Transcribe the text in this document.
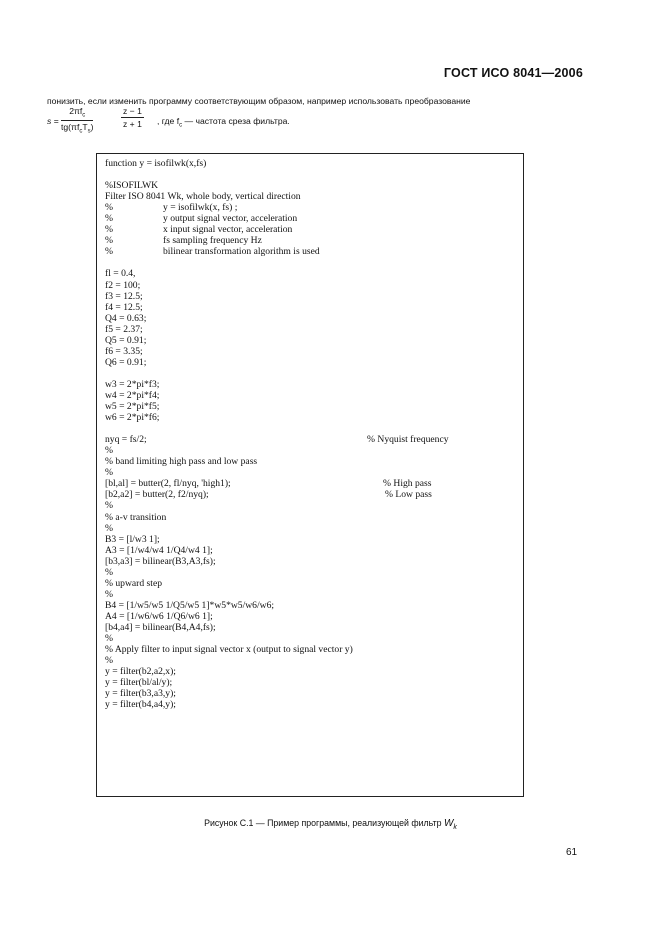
ГОСТ ИСО 8041—2006
понизить, если изменить программу соответствующим образом, например использовать преобразование
s =
$2\pi f_c$
$tg(\pi f_cT_s)$	$\frac{z - 1}{z + 1}$ , где $f_c$ — частота среза фильтра.
function y = isofilwk(x,fs)
%ISOFILWK
Filter ISO 8041 Wk, whole body, vertical direction
%	y = isofilwk(x, fs) ;
%	y output signal vector, acceleration
%	x input signal vector, acceleration
%	fs sampling frequency Hz
%	bilinear transformation algorithm is used
fl = 0.4,
f2 = 100;
f3 = 12.5;
f4 = 12.5;
Q4 = 0.63;
f5 = 2.37;
Q5 = 0.91;
f6 = 3.35;
Q6 = 0.91;
w3 = 2*pi*f3;
w4 = 2*pi*f4;
w5 = 2*pi*f5;
w6 = 2*pi*f6;
nyq = fs/2;	% Nyquist frequency
%
% band limiting high pass and low pass
%
[bl,al] = butter(2, fl/nyq, 'high1);	% High pass
[b2,a2] = butter(2, f2/nyq);	% Low pass
%
% a-v transition
%
B3 = [l/w3 1];
A3 = [1/w4/w4 1/Q4/w4 1];
[b3,a3] = bilinear(B3,A3,fs);
%
% upward step
%
B4 = [1/w5/w5 1/Q5/w5 1]*w5*w5/w6/w6;
A4 = [1/w6/w6 1/Q6/w6 1];
[b4,a4] = bilinear(B4,A4,fs);
%
% Apply filter to input signal vector x (output to signal vector y)
%
y = filter(b2,a2,x);
y = filter(bl/al/y);
y = filter(b3,a3,y);
y = filter(b4,a4,y);
Рисунок С.1 — Пример программы, реализующей фильтр $W_k$
61
